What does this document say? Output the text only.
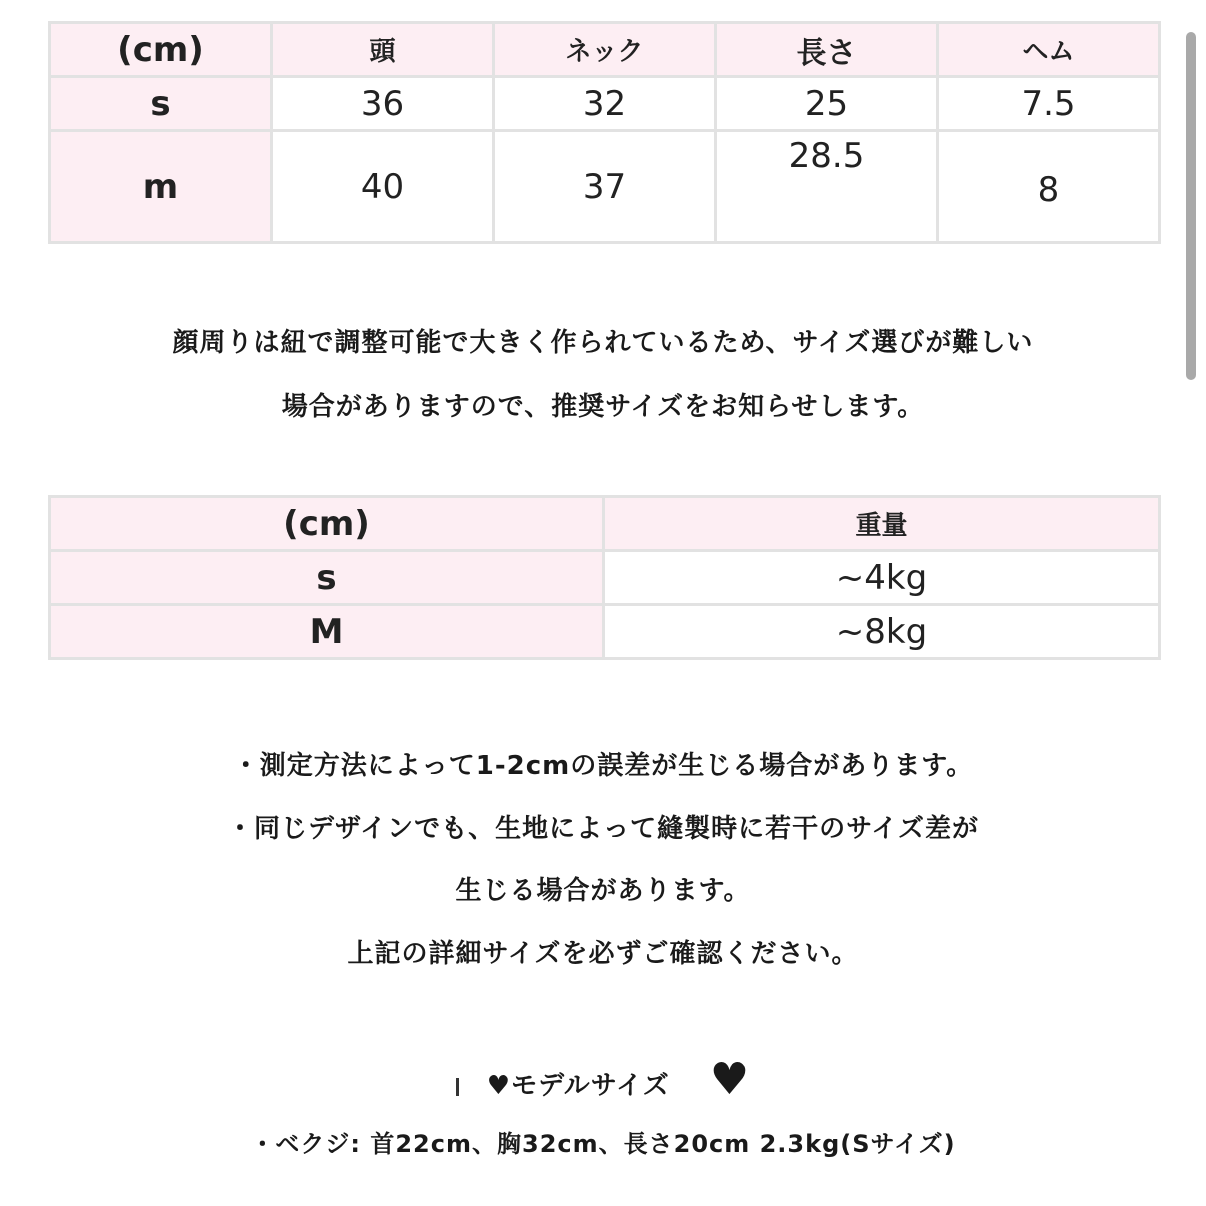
(cm)	頭	ネック	長さ	ヘム
s	36	32	25	7.5
m	40	37	28.5	8
顔周りは紐で調整可能で大きく作られているため、サイズ選びが難しい
場合がありますので、推奨サイズをお知らせします。
(cm)	重量
s	~4kg
M	~8kg
・測定方法によって1-2cmの誤差が生じる場合があります。
・同じデザインでも、生地によって縫製時に若干のサイズ差が
生じる場合があります。
上記の詳細サイズを必ずご確認ください。
♥モデルサイズ ♥
・ベクジ: 首22cm、胸32cm、長さ20cm 2.3kg(Sサイズ)
